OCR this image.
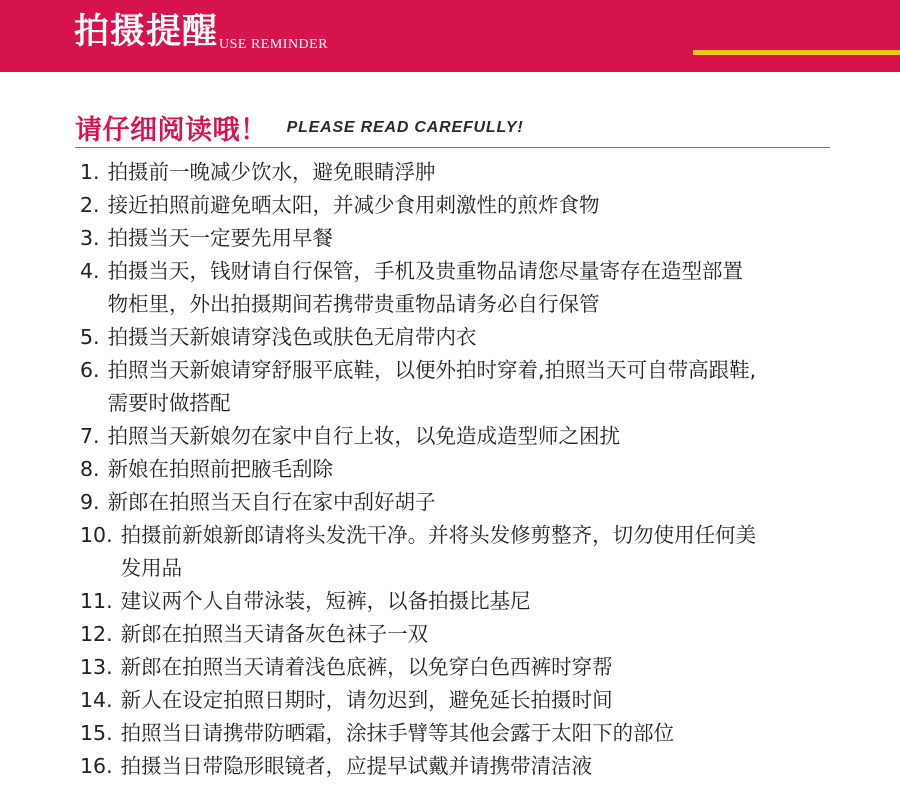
拍摄提醒 USE REMINDER
请仔细阅读哦！ PLEASE READ CAREFULLY!
1. 拍摄前一晚减少饮水，避免眼睛浮肿
2. 接近拍照前避免晒太阳，并减少食用刺激性的煎炸食物
3. 拍摄当天一定要先用早餐
4. 拍摄当天，钱财请自行保管，手机及贵重物品请您尽量寄存在造型部置
物柜里，外出拍摄期间若携带贵重物品请务必自行保管
5. 拍摄当天新娘请穿浅色或肤色无肩带内衣
6. 拍照当天新娘请穿舒服平底鞋，以便外拍时穿着,拍照当天可自带高跟鞋,
需要时做搭配
7. 拍照当天新娘勿在家中自行上妆，以免造成造型师之困扰
8. 新娘在拍照前把腋毛刮除
9. 新郎在拍照当天自行在家中刮好胡子
10. 拍摄前新娘新郎请将头发洗干净。并将头发修剪整齐，切勿使用任何美
发用品
11. 建议两个人自带泳装，短裤，以备拍摄比基尼
12. 新郎在拍照当天请备灰色袜子一双
13. 新郎在拍照当天请着浅色底裤，以免穿白色西裤时穿帮
14. 新人在设定拍照日期时，请勿迟到，避免延长拍摄时间
15. 拍照当日请携带防晒霜，涂抹手臂等其他会露于太阳下的部位
16. 拍摄当日带隐形眼镜者，应提早试戴并请携带清洁液
